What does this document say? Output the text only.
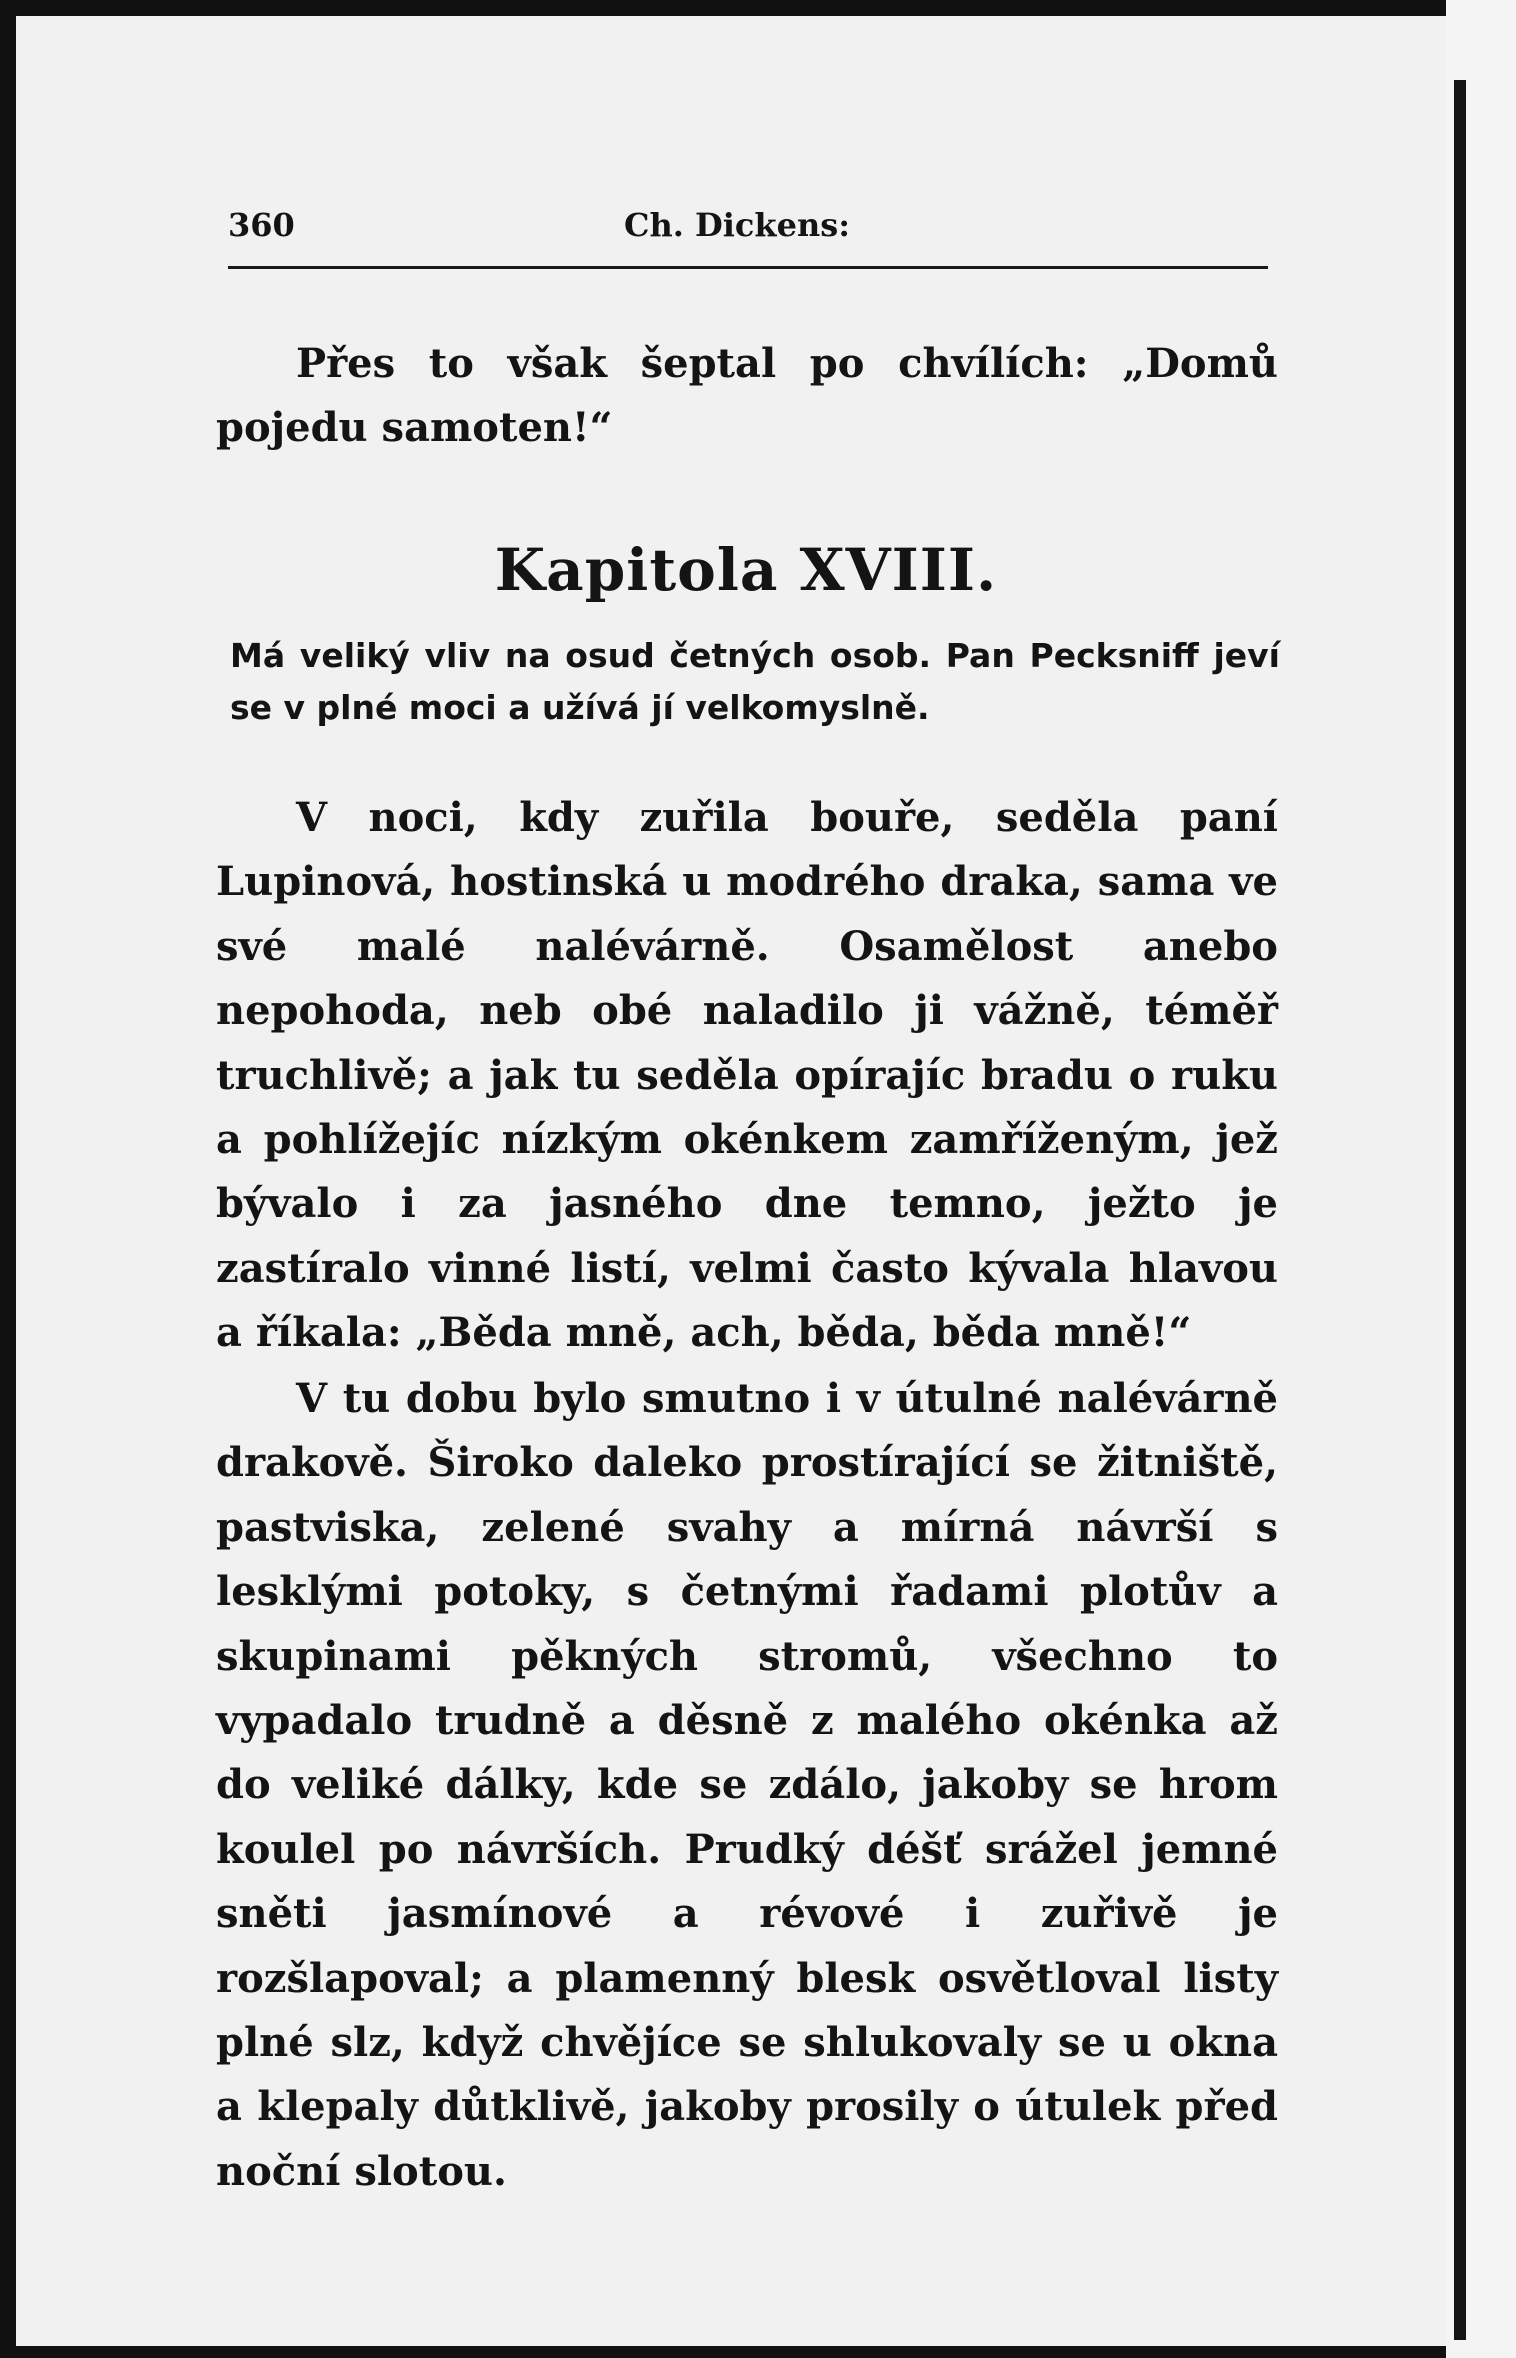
360	Ch. Dickens:

Přes to však šeptal po chvílích: „Domů pojedu samoten!“

Kapitola XVIII.

Má veliký vliv na osud četných osob. Pan Pecksniff jeví se v plné moci a užívá jí velkomyslně.

V noci, kdy zuřila bouře, seděla paní Lupinová, hostinská u modrého draka, sama ve své malé nalévárně. Osamělost anebo nepohoda, neb obé naladilo ji vážně, téměř truchlivě; a jak tu seděla opírajíc bradu o ruku a pohlížejíc nízkým okénkem zamříženým, jež bývalo i za jasného dne temno, ježto je zastíralo vinné listí, velmi často kývala hlavou a říkala: „Běda mně, ach, běda, běda mně!“

V tu dobu bylo smutno i v útulné nalévárně drakově. Široko daleko prostírající se žitniště, pastviska, zelené svahy a mírná návrší s lesklými potoky, s četnými řadami plotův a skupinami pěkných stromů, všechno to vypadalo trudně a děsně z malého okénka až do veliké dálky, kde se zdálo, jakoby se hrom koulel po návrších. Prudký déšť srážel jemné sněti jasmínové a révové i zuřivě je rozšlapoval; a plamenný blesk osvětloval listy plné slz, když chvějíce se shlukovaly se u okna a klepaly důtklivě, jakoby prosily o útulek před noční slotou.
